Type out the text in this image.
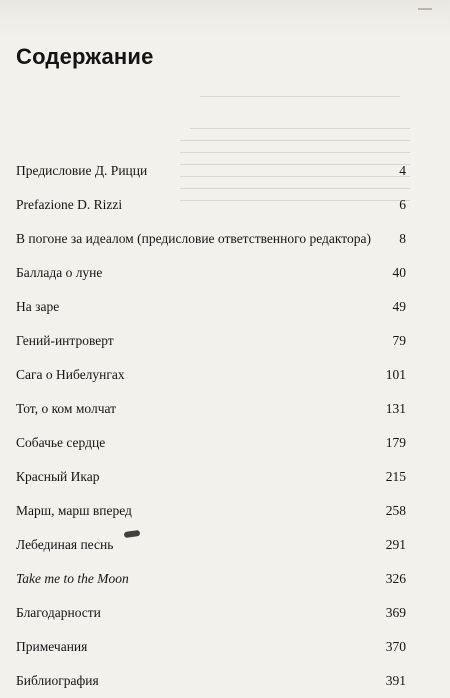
Содержание
Предисловие Д. Рицци	4
Prefazione D. Rizzi	6
В погоне за идеалом (предисловие ответственного редактора) 8
Баллада о луне	40
На заре	49
Гений-интроверт	79
Сага о Нибелунгах	101
Тот, о ком молчат	131
Собачье сердце	179
Красный Икар	215
Марш, марш вперед	258
Лебединая песнь	291
Take me to the Moon	326
Благодарности	369
Примечания	370
Библиография	391
